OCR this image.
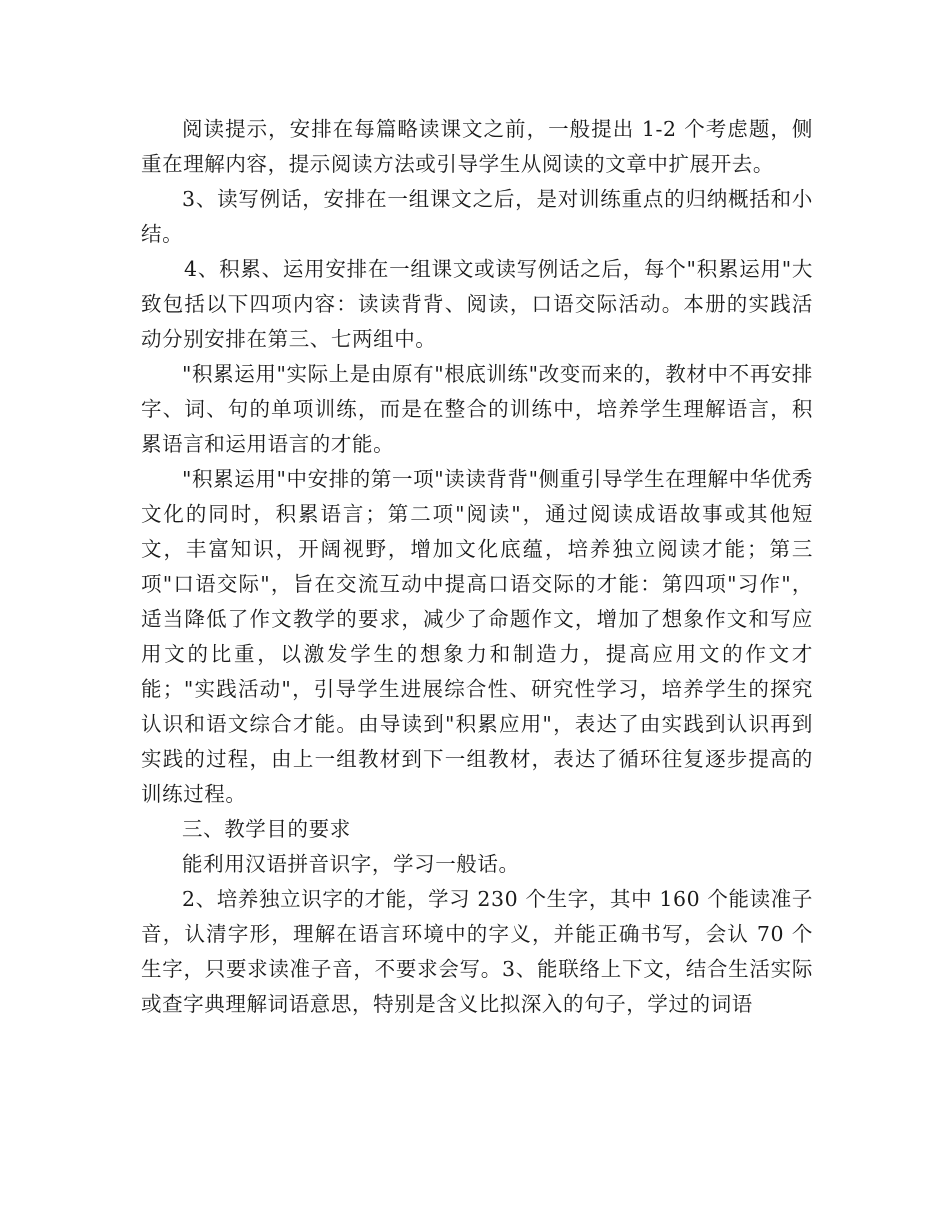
阅读提示，安排在每篇略读课文之前，一般提出 1-2 个考虑题，侧重在理解内容，提示阅读方法或引导学生从阅读的文章中扩展开去。

3、读写例话，安排在一组课文之后，是对训练重点的归纳概括和小结。

4、积累、运用安排在一组课文或读写例话之后，每个"积累运用"大致包括以下四项内容：读读背背、阅读，口语交际活动。本册的实践活动分别安排在第三、七两组中。

"积累运用"实际上是由原有"根底训练"改变而来的，教材中不再安排字、词、句的单项训练，而是在整合的训练中，培养学生理解语言，积累语言和运用语言的才能。

"积累运用"中安排的第一项"读读背背"侧重引导学生在理解中华优秀文化的同时，积累语言；第二项"阅读"，通过阅读成语故事或其他短文，丰富知识，开阔视野，增加文化底蕴，培养独立阅读才能；第三项"口语交际"，旨在交流互动中提高口语交际的才能：第四项"习作"，适当降低了作文教学的要求，减少了命题作文，增加了想象作文和写应用文的比重，以激发学生的想象力和制造力，提高应用文的作文才能；"实践活动"，引导学生进展综合性、研究性学习，培养学生的探究认识和语文综合才能。由导读到"积累应用"，表达了由实践到认识再到实践的过程，由上一组教材到下一组教材，表达了循环往复逐步提高的训练过程。

三、教学目的要求

能利用汉语拼音识字，学习一般话。

2、培养独立识字的才能，学习 230 个生字，其中 160 个能读准子音，认清字形，理解在语言环境中的字义，并能正确书写，会认 70 个生字，只要求读准子音，不要求会写。3、能联络上下文，结合生活实际或查字典理解词语意思，特别是含义比拟深入的句子，学过的词语
